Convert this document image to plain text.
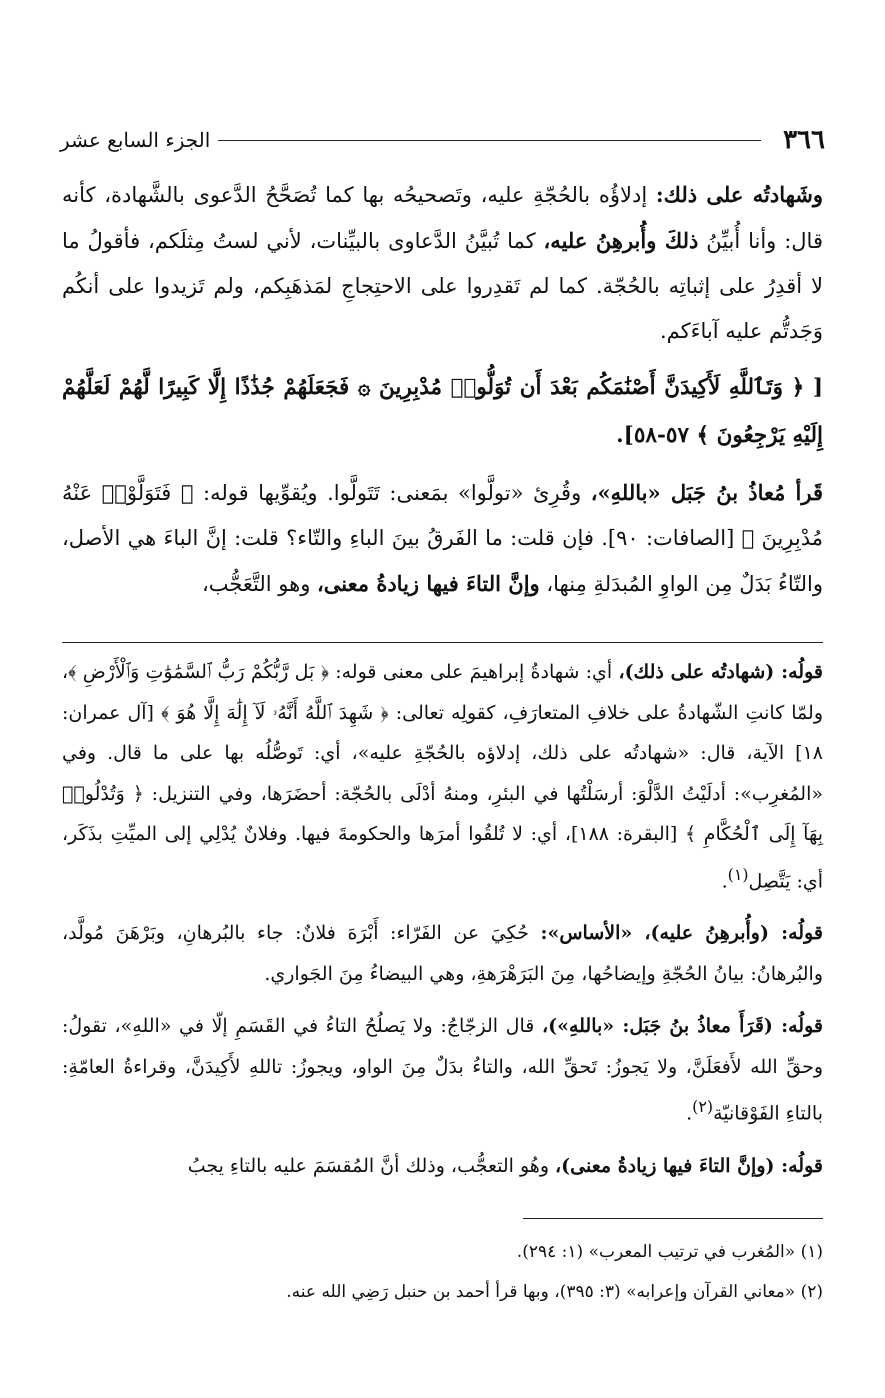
٣٦٦
الجزء السابع عشر

وشَهادتُه على ذلك: إدلاؤُه بالحُجّةِ عليه، وتَصحيحُه بها كما تُصَحَّحُ الدَّعوى بالشَّهادة، كأنه قال: وأنا أُبيِّنُ ذلكَ وأُبرهِنُ عليه، كما تُبيَّنُ الدَّعاوى بالبيِّنات، لأني لستُ مِثلَكم، فأقولُ ما لا أقدِرُ على إثباتِه بالحُجّة. كما لم تَقدِروا على الاحتِجاجِ لمَذهَبِكم، ولم تَزيدوا على أنكُم وَجَدتُّم عليه آباءَكم.

[ ﴿ وَتَٱللَّهِ لَأَكِيدَنَّ أَصْنَٰمَكُم بَعْدَ أَن تُوَلُّوا۟ مُدْبِرِينَ ۞ فَجَعَلَهُمْ جُذَٰذًا إِلَّا كَبِيرًا لَّهُمْ لَعَلَّهُمْ إِلَيْهِ يَرْجِعُونَ ﴾ ٥٧-٥٨].

قَرأ مُعاذُ بنُ جَبَل «باللهِ»، وقُرِئ «تولَّوا» بمَعنى: تَتَولَّوا. ويُقوِّيها قوله: ﴿ فَتَوَلَّوْا۟ عَنْهُ مُدْبِرِينَ ﴾ [الصافات: ٩٠]. فإن قلت: ما الفَرقُ بينَ الباءِ والتّاء؟ قلت: إنَّ الباءَ هي الأصل، والتّاءُ بَدَلٌ مِن الواوِ المُبدَلةِ مِنها، وإنَّ التاءَ فيها زيادةُ معنى، وهو التَّعَجُّب،

قولُه: (شهادتُه على ذلك)، أي: شهادةُ إبراهيمَ على معنى قوله: ﴿ بَل رَّبُّكُمْ رَبُّ ٱلسَّمَٰوَٰتِ وَٱلْأَرْضِ ﴾، ولمّا كانتِ الشّهادةُ على خلافِ المتعارَفِ، كقولِه تعالى: ﴿ شَهِدَ ٱللَّهُ أَنَّهُۥ لَآ إِلَٰهَ إِلَّا هُوَ ﴾ [آل عمران: ١٨] الآية، قال: «شهادتُه على ذلك، إدلاؤه بالحُجّةِ عليه»، أي: تَوصُّلُه بها على ما قال. وفي «المُغرِب»: أدلَيْتُ الدَّلْوَ: أرسَلْتُها في البئرِ، ومنهُ أدْلَى بالحُجّة: أحضَرَها، وفي التنزيل: ﴿ وَتُدْلُوا۟ بِهَآ إِلَى ٱلْحُكَّامِ ﴾ [البقرة: ١٨٨]، أي: لا تُلقُوا أمرَها والحكومةَ فيها. وفلانٌ يُدْلِي إلى الميِّتِ بذَكَر، أي: يَتَّصِل$^{(١)}$.

قولُه: (وأُبرهِنُ عليه)، «الأساس»: حُكِيَ عن الفَرّاء: أَبْرَهَ فلانٌ: جاء بالبُرهانِ، وبَرْهَنَ مُولَّد، والبُرهانُ: بيانُ الحُجّةِ وإيضاحُها، مِنَ البَرَهْرَهةِ، وهي البيضاءُ مِنَ الجَواري.

قولُه: (قَرَأَ معاذُ بنُ جَبَل: «باللهِ»)، قال الزجّاجُ: ولا يَصلُحُ التاءُ في القَسَمِ إلّا في «اللهِ»، تقولُ: وحقِّ الله لأَفعَلَنَّ، ولا يَجوزُ: تَحقِّ الله، والتاءُ بدَلٌ مِنَ الواو، ويجوزُ: تاللهِ لأَكِيدَنَّ، وقراءةُ العامّةِ: بالتاءِ الفَوْقانيّة$^{(٢)}$.

قولُه: (وإنَّ التاءَ فيها زيادةُ معنى)، وهُو التعجُّب، وذلك أنَّ المُقسَمَ عليه بالتاءِ يجبُ

(١) «المُغرب في ترتيب المعرب» (١: ٢٩٤).

(٢) «معاني القرآن وإعرابه» (٣: ٣٩٥)، وبها قرأ أحمد بن حنبل رَضِي الله عنه.
